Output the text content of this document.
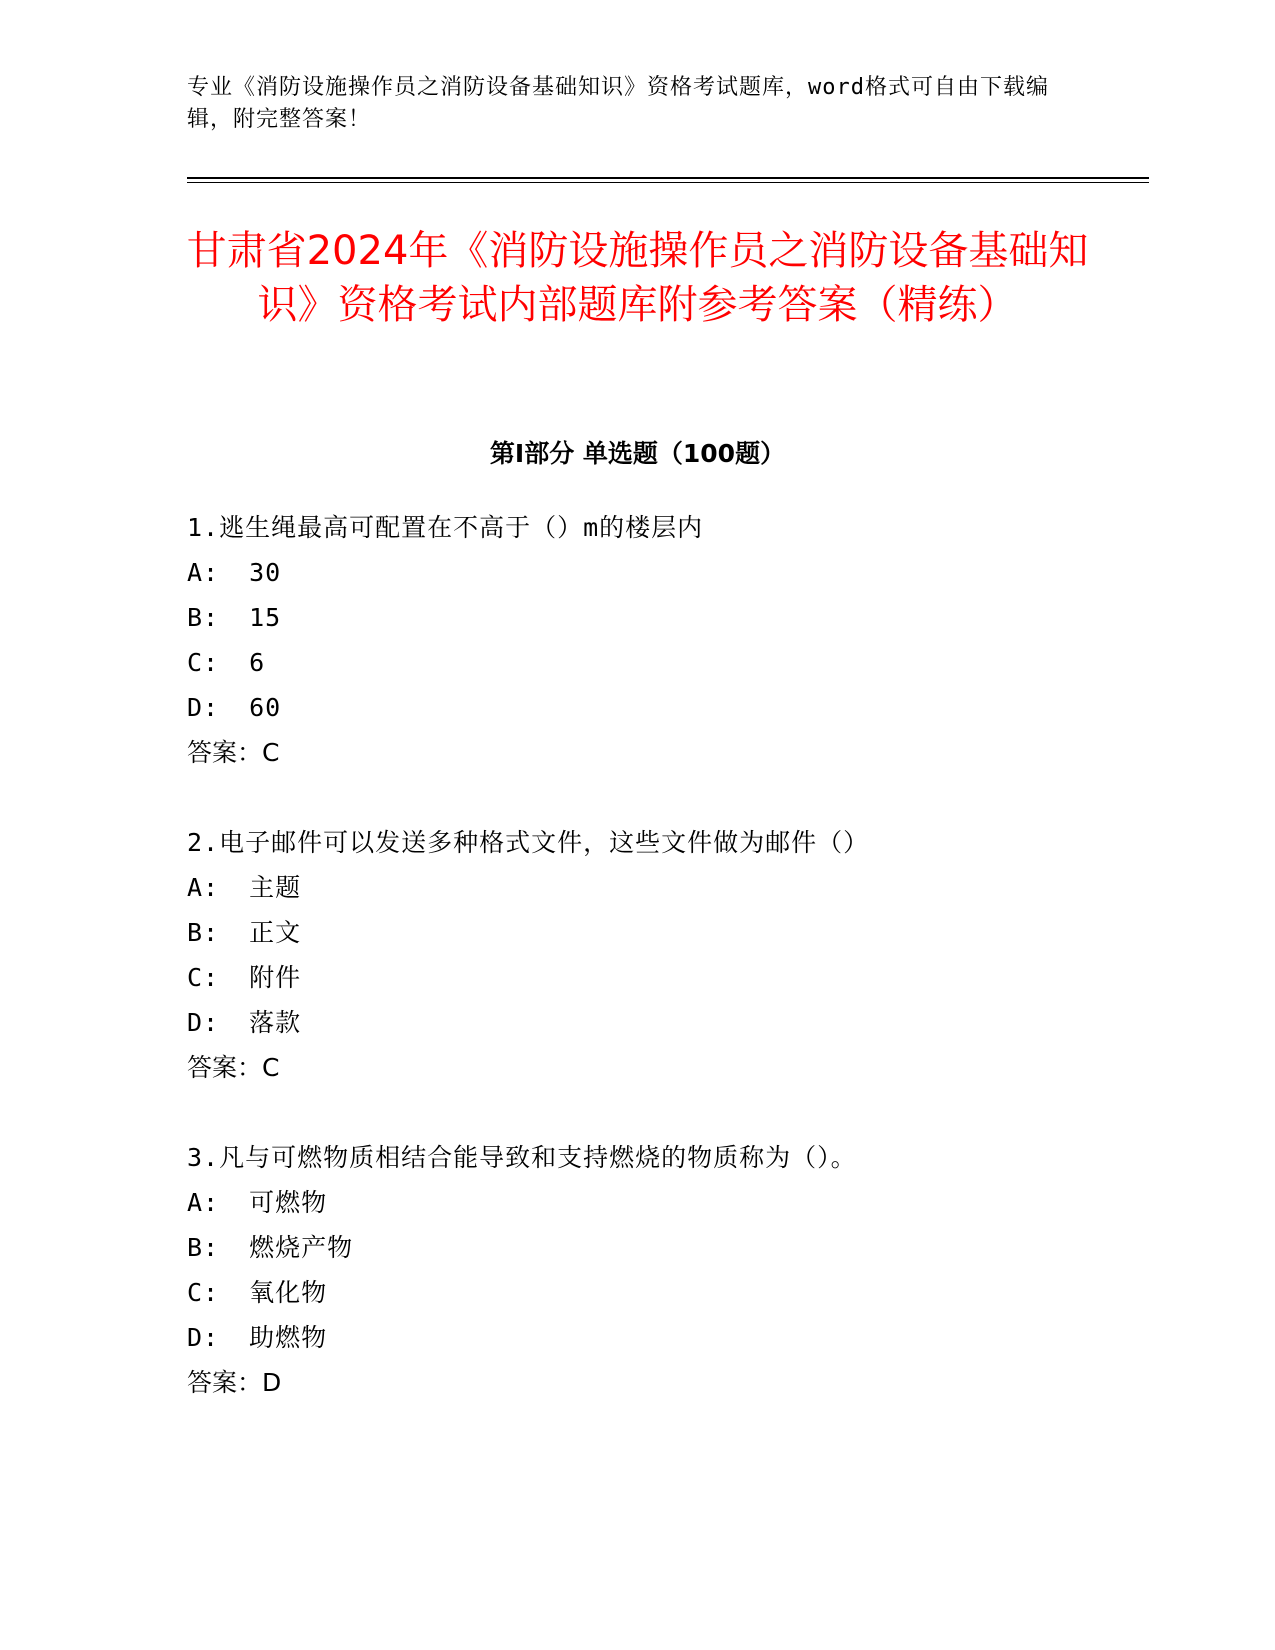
专业《消防设施操作员之消防设备基础知识》资格考试题库，word格式可自由下载编辑，附完整答案！
甘肃省2024年《消防设施操作员之消防设备基础知识》资格考试内部题库附参考答案（精练）
第I部分 单选题（100题）
1.逃生绳最高可配置在不高于（）m的楼层内
A: 30
B: 15
C: 6
D: 60
答案：C
2.电子邮件可以发送多种格式文件，这些文件做为邮件（）
A: 主题
B: 正文
C: 附件
D: 落款
答案：C
3.凡与可燃物质相结合能导致和支持燃烧的物质称为（）。
A: 可燃物
B: 燃烧产物
C: 氧化物
D: 助燃物
答案：D
